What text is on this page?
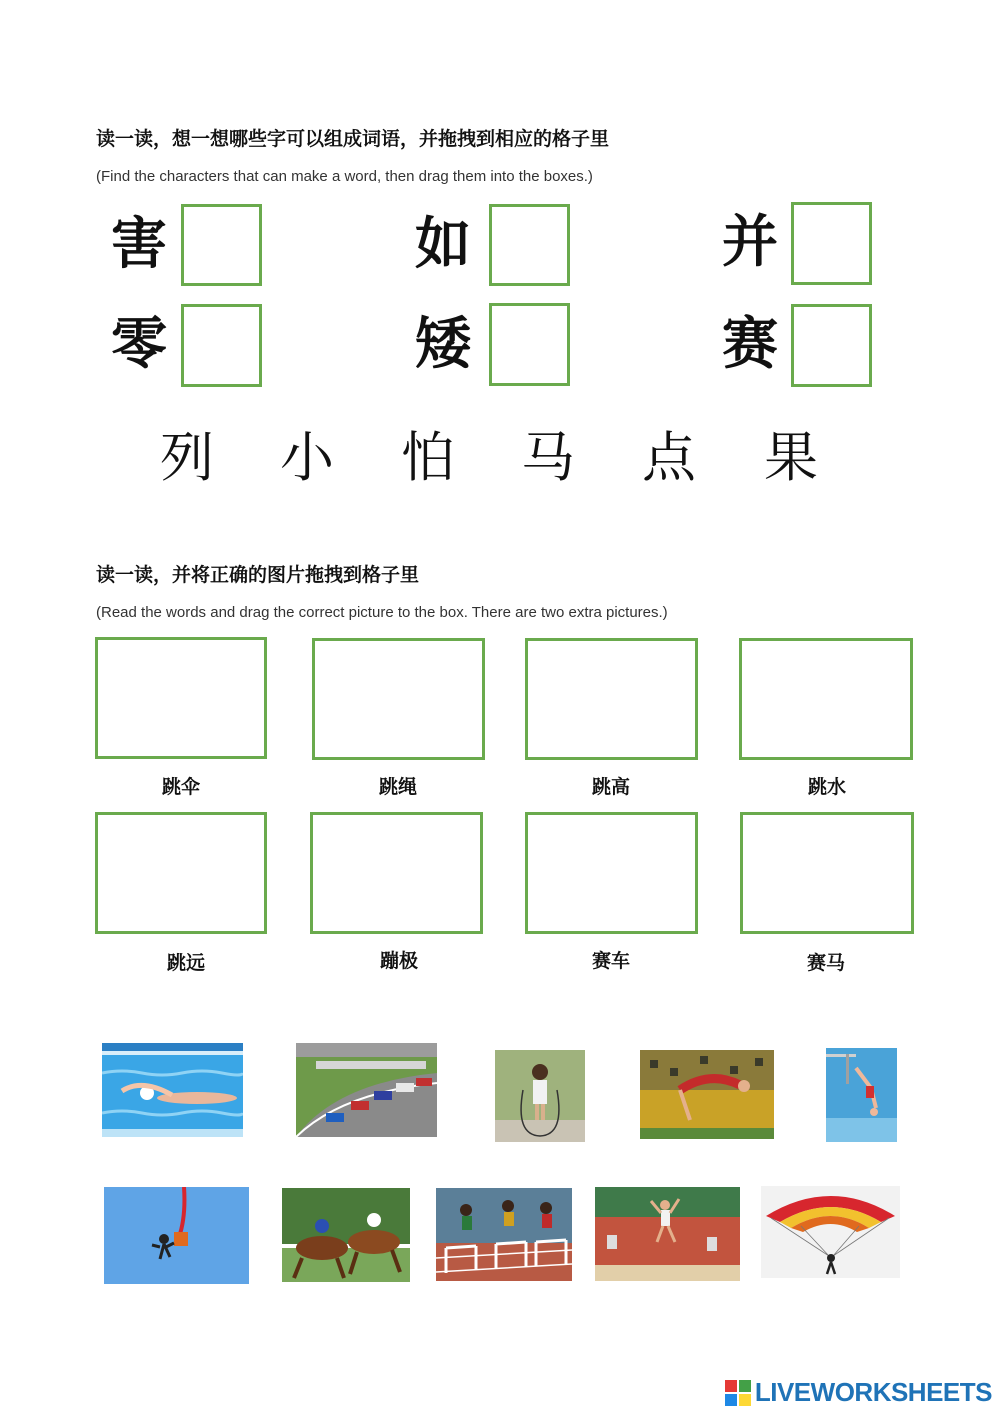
读一读，想一想哪些字可以组成词语，并拖拽到相应的格子里
(Find the characters that can make a word, then drag them into the boxes.)
害	如	并
零	矮	赛
列 小 怕 马 点 果
读一读，并将正确的图片拖拽到格子里
(Read the words and drag the correct picture to the box. There are two extra pictures.)
跳伞	跳绳	跳高	跳水
跳远	蹦极	赛车	赛马
LIVEWORKSHEETS
